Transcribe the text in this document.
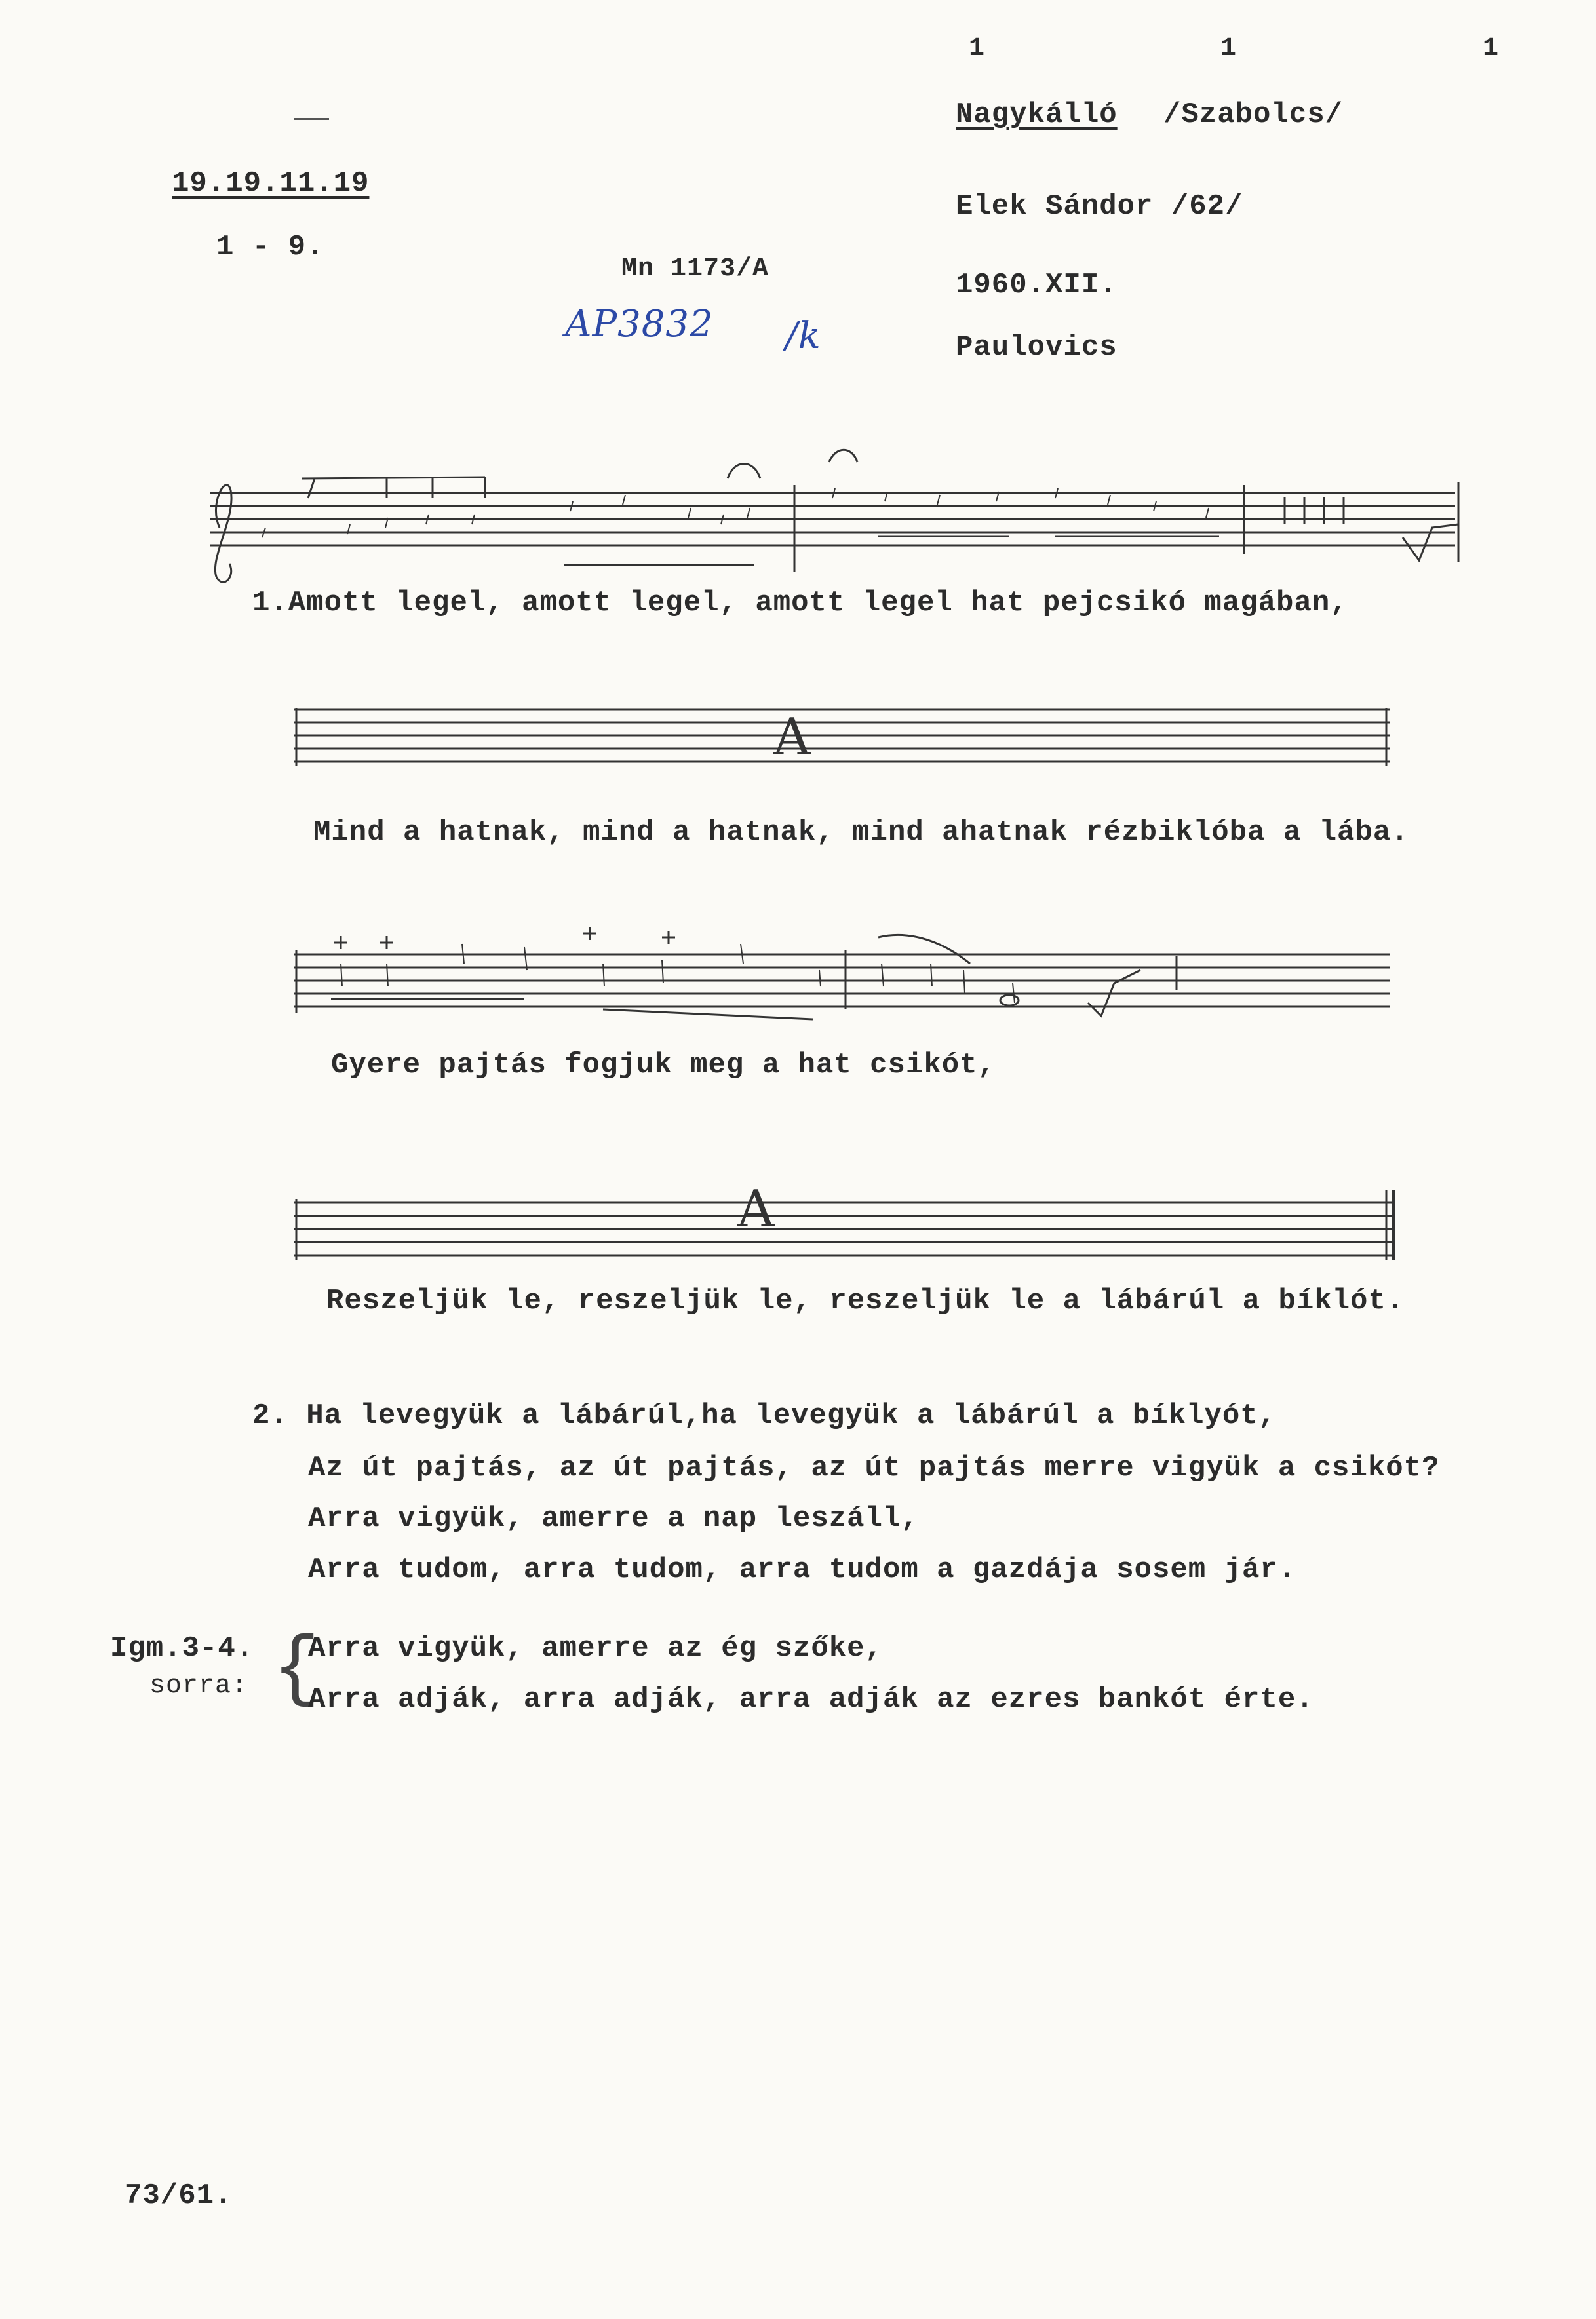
1	1	1
19.19.11.19
1 - 9.
Mn 1173/A
AP3832 /k
Nagykálló /Szabolcs/
Elek Sándor /62/
1960.XII.
Paulovics
A
A
1.Amott legel, amott legel, amott legel hat pejcsikó magában,
Mind a hatnak, mind a hatnak, mind ahatnak rézbiklóba a lába.
Gyere pajtás fogjuk meg a hat csikót,
Reszeljük le, reszeljük le, reszeljük le a lábárúl a bíklót.
2. Ha levegyük a lábárúl,ha levegyük a lábárúl a bíklyót,
Az út pajtás, az út pajtás, az út pajtás merre vigyük a csikót?
Arra vigyük, amerre a nap leszáll,
Arra tudom, arra tudom, arra tudom a gazdája sosem jár.
Igm.3-4.
sorra: {
Arra vigyük, amerre az ég szőke,
Arra adják, arra adják, arra adják az ezres bankót érte.
73/61.
